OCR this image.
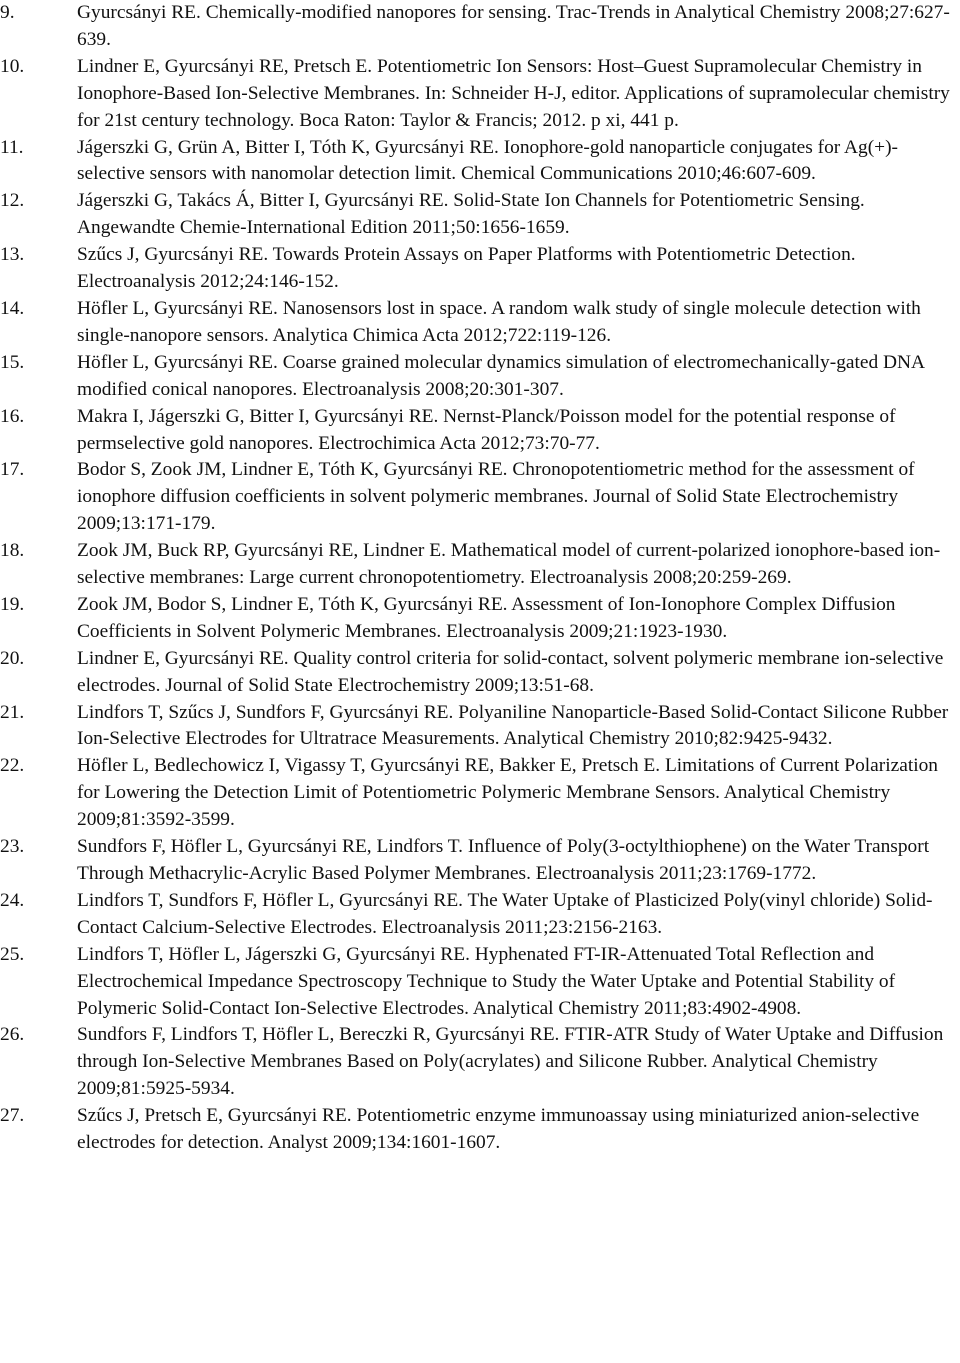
9.	Gyurcsányi RE. Chemically-modified nanopores for sensing. Trac-Trends in Analytical Chemistry 2008;27:627-639.
10.	Lindner E, Gyurcsányi RE, Pretsch E. Potentiometric Ion Sensors: Host–Guest Supramolecular Chemistry in Ionophore-Based Ion-Selective Membranes. In: Schneider H-J, editor. Applications of supramolecular chemistry for 21st century technology. Boca Raton: Taylor & Francis; 2012. p xi, 441 p.
11.	Jágerszki G, Grün A, Bitter I, Tóth K, Gyurcsányi RE. Ionophore-gold nanoparticle conjugates for Ag(+)-selective sensors with nanomolar detection limit. Chemical Communications 2010;46:607-609.
12.	Jágerszki G, Takács Á, Bitter I, Gyurcsányi RE. Solid-State Ion Channels for Potentiometric Sensing. Angewandte Chemie-International Edition 2011;50:1656-1659.
13.	Szűcs J, Gyurcsányi RE. Towards Protein Assays on Paper Platforms with Potentiometric Detection. Electroanalysis 2012;24:146-152.
14.	Höfler L, Gyurcsányi RE. Nanosensors lost in space. A random walk study of single molecule detection with single-nanopore sensors. Analytica Chimica Acta 2012;722:119-126.
15.	Höfler L, Gyurcsányi RE. Coarse grained molecular dynamics simulation of electromechanically-gated DNA modified conical nanopores. Electroanalysis 2008;20:301-307.
16.	Makra I, Jágerszki G, Bitter I, Gyurcsányi RE. Nernst-Planck/Poisson model for the potential response of permselective gold nanopores. Electrochimica Acta 2012;73:70-77.
17.	Bodor S, Zook JM, Lindner E, Tóth K, Gyurcsányi RE. Chronopotentiometric method for the assessment of ionophore diffusion coefficients in solvent polymeric membranes. Journal of Solid State Electrochemistry 2009;13:171-179.
18.	Zook JM, Buck RP, Gyurcsányi RE, Lindner E. Mathematical model of current-polarized ionophore-based ion-selective membranes: Large current chronopotentiometry. Electroanalysis 2008;20:259-269.
19.	Zook JM, Bodor S, Lindner E, Tóth K, Gyurcsányi RE. Assessment of Ion-Ionophore Complex Diffusion Coefficients in Solvent Polymeric Membranes. Electroanalysis 2009;21:1923-1930.
20.	Lindner E, Gyurcsányi RE. Quality control criteria for solid-contact, solvent polymeric membrane ion-selective electrodes. Journal of Solid State Electrochemistry 2009;13:51-68.
21.	Lindfors T, Szűcs J, Sundfors F, Gyurcsányi RE. Polyaniline Nanoparticle-Based Solid-Contact Silicone Rubber Ion-Selective Electrodes for Ultratrace Measurements. Analytical Chemistry 2010;82:9425-9432.
22.	Höfler L, Bedlechowicz I, Vigassy T, Gyurcsányi RE, Bakker E, Pretsch E. Limitations of Current Polarization for Lowering the Detection Limit of Potentiometric Polymeric Membrane Sensors. Analytical Chemistry 2009;81:3592-3599.
23.	Sundfors F, Höfler L, Gyurcsányi RE, Lindfors T. Influence of Poly(3-octylthiophene) on the Water Transport Through Methacrylic-Acrylic Based Polymer Membranes. Electroanalysis 2011;23:1769-1772.
24.	Lindfors T, Sundfors F, Höfler L, Gyurcsányi RE. The Water Uptake of Plasticized Poly(vinyl chloride) Solid-Contact Calcium-Selective Electrodes. Electroanalysis 2011;23:2156-2163.
25.	Lindfors T, Höfler L, Jágerszki G, Gyurcsányi RE. Hyphenated FT-IR-Attenuated Total Reflection and Electrochemical Impedance Spectroscopy Technique to Study the Water Uptake and Potential Stability of Polymeric Solid-Contact Ion-Selective Electrodes. Analytical Chemistry 2011;83:4902-4908.
26.	Sundfors F, Lindfors T, Höfler L, Bereczki R, Gyurcsányi RE. FTIR-ATR Study of Water Uptake and Diffusion through Ion-Selective Membranes Based on Poly(acrylates) and Silicone Rubber. Analytical Chemistry 2009;81:5925-5934.
27.	Szűcs J, Pretsch E, Gyurcsányi RE. Potentiometric enzyme immunoassay using miniaturized anion-selective electrodes for detection. Analyst 2009;134:1601-1607.
